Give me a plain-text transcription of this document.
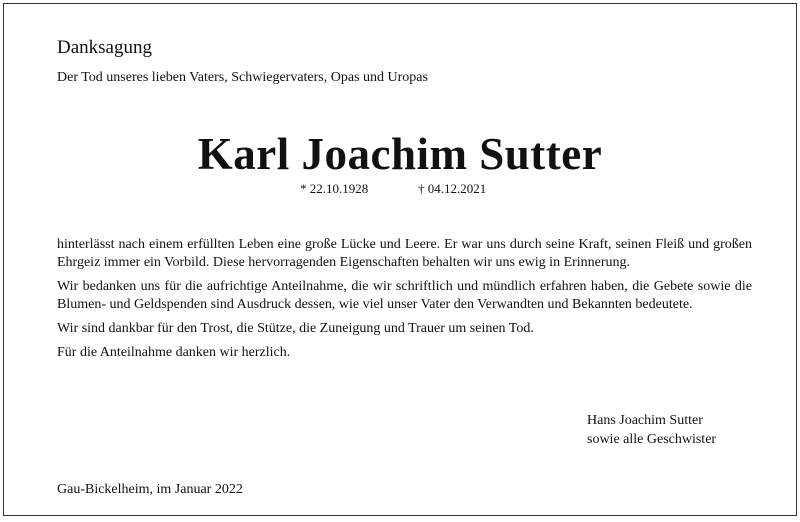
Danksagung
Der Tod unseres lieben Vaters, Schwiegervaters, Opas und Uropas
Karl Joachim Sutter
* 22.10.1928	† 04.12.2021

hinterlässt nach einem erfüllten Leben eine große Lücke und Leere. Er war uns durch seine Kraft, seinen Fleiß und großen Ehrgeiz immer ein Vorbild. Diese hervorragenden Eigenschaften behalten wir uns ewig in Erinnerung.

Wir bedanken uns für die aufrichtige Anteilnahme, die wir schriftlich und mündlich erfahren haben, die Gebete sowie die Blumen- und Geldspenden sind Ausdruck dessen, wie viel unser Vater den Verwandten und Bekannten bedeutete.

Wir sind dankbar für den Trost, die Stütze, die Zuneigung und Trauer um seinen Tod.

Für die Anteilnahme danken wir herzlich.

Hans Joachim Sutter
sowie alle Geschwister
Gau-Bickelheim, im Januar 2022
